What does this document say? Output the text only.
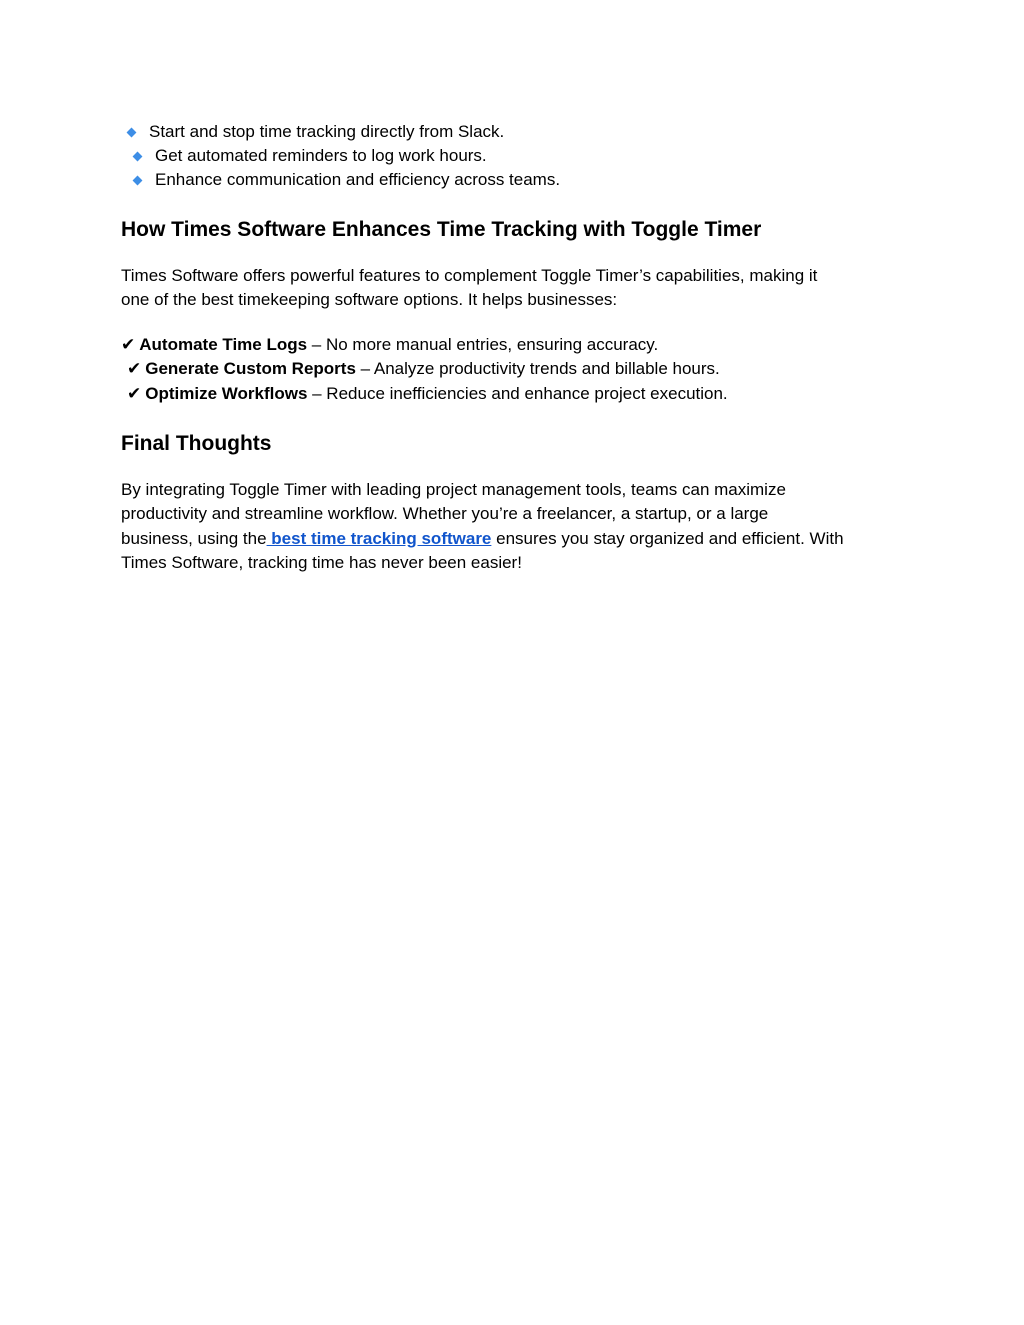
Start and stop time tracking directly from Slack.
Get automated reminders to log work hours.
Enhance communication and efficiency across teams.
How Times Software Enhances Time Tracking with Toggle Timer

Times Software offers powerful features to complement Toggle Timer’s capabilities, making it
one of the best timekeeping software options. It helps businesses:

✔ Automate Time Logs – No more manual entries, ensuring accuracy.
✔ Generate Custom Reports – Analyze productivity trends and billable hours.
✔ Optimize Workflows – Reduce inefficiencies and enhance project execution.
Final Thoughts

By integrating Toggle Timer with leading project management tools, teams can maximize
productivity and streamline workflow. Whether you’re a freelancer, a startup, or a large
business, using the best time tracking software ensures you stay organized and efficient. With
Times Software, tracking time has never been easier!
